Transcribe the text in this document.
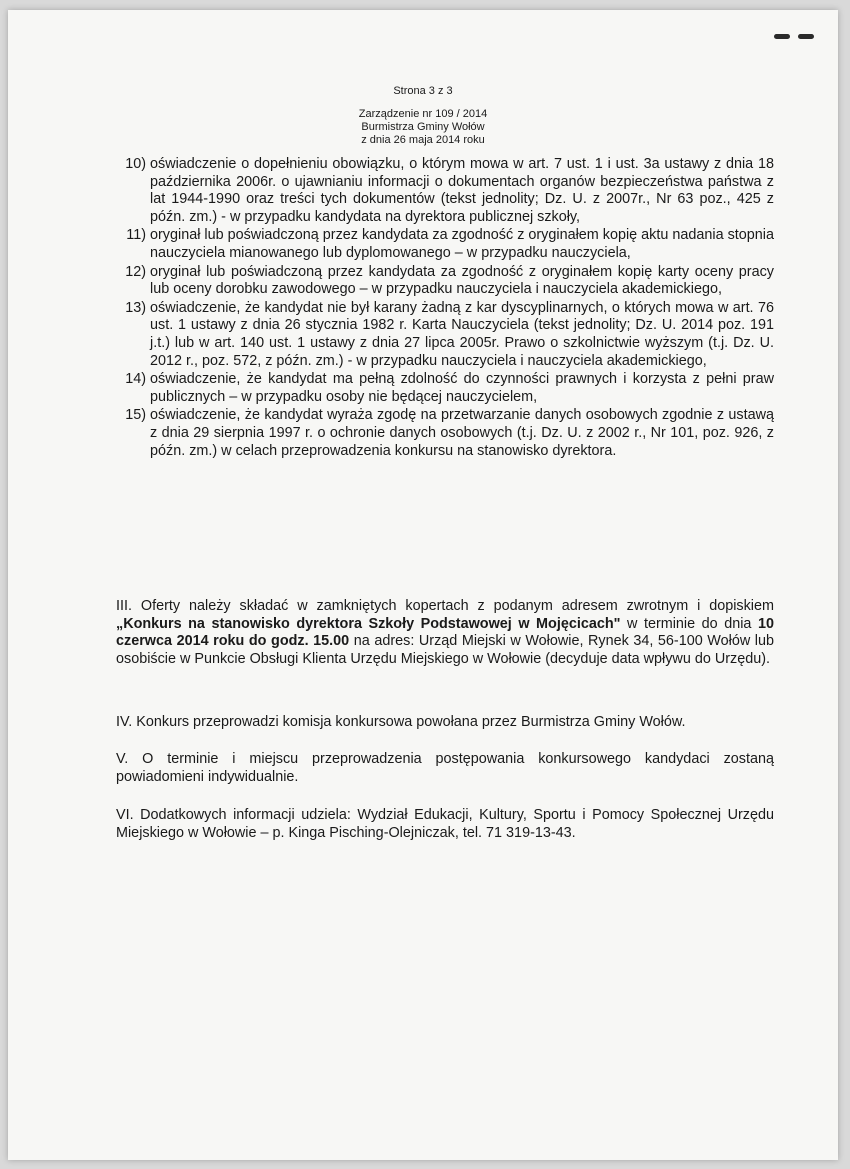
Strona 3 z 3
Zarządzenie nr 109 / 2014
Burmistrza Gminy Wołów
z dnia 26 maja 2014 roku
10) oświadczenie o dopełnieniu obowiązku, o którym mowa w art. 7 ust. 1 i ust. 3a ustawy z dnia 18 października 2006r. o ujawnianiu informacji o dokumentach organów bezpieczeństwa państwa z lat 1944-1990 oraz treści tych dokumentów (tekst jednolity; Dz. U. z 2007r., Nr 63 poz., 425 z późn. zm.) - w przypadku kandydata na dyrektora publicznej szkoły,
11) oryginał lub poświadczoną przez kandydata za zgodność z oryginałem kopię aktu nadania stopnia nauczyciela mianowanego lub dyplomowanego – w przypadku nauczyciela,
12) oryginał lub poświadczoną przez kandydata za zgodność z oryginałem kopię karty oceny pracy lub oceny dorobku zawodowego – w przypadku nauczyciela i nauczyciela akademickiego,
13) oświadczenie, że kandydat nie był karany żadną z kar dyscyplinarnych, o których mowa w art. 76 ust. 1 ustawy z dnia 26 stycznia 1982 r. Karta Nauczyciela (tekst jednolity; Dz. U. 2014 poz. 191 j.t.) lub w art. 140 ust. 1 ustawy z dnia 27 lipca 2005r. Prawo o szkolnictwie wyższym (t.j. Dz. U. 2012 r., poz. 572, z późn. zm.) - w przypadku nauczyciela i nauczyciela akademickiego,
14) oświadczenie, że kandydat ma pełną zdolność do czynności prawnych i korzysta z pełni praw publicznych – w przypadku osoby nie będącej nauczycielem,
15) oświadczenie, że kandydat wyraża zgodę na przetwarzanie danych osobowych zgodnie z ustawą z dnia 29 sierpnia 1997 r. o ochronie danych osobowych (t.j. Dz. U. z 2002 r., Nr 101, poz. 926, z późn. zm.) w celach przeprowadzenia konkursu na stanowisko dyrektora.
III. Oferty należy składać w zamkniętych kopertach z podanym adresem zwrotnym i dopiskiem „Konkurs na stanowisko dyrektora Szkoły Podstawowej w Mojęcicach" w terminie do dnia 10 czerwca 2014 roku do godz. 15.00 na adres: Urząd Miejski w Wołowie, Rynek 34, 56-100 Wołów lub osobiście w Punkcie Obsługi Klienta Urzędu Miejskiego w Wołowie (decyduje data wpływu do Urzędu).
IV. Konkurs przeprowadzi komisja konkursowa powołana przez Burmistrza Gminy Wołów.
V. O terminie i miejscu przeprowadzenia postępowania konkursowego kandydaci zostaną powiadomieni indywidualnie.
VI. Dodatkowych informacji udziela: Wydział Edukacji, Kultury, Sportu i Pomocy Społecznej Urzędu Miejskiego w Wołowie – p. Kinga Pisching-Olejniczak, tel. 71 319-13-43.
